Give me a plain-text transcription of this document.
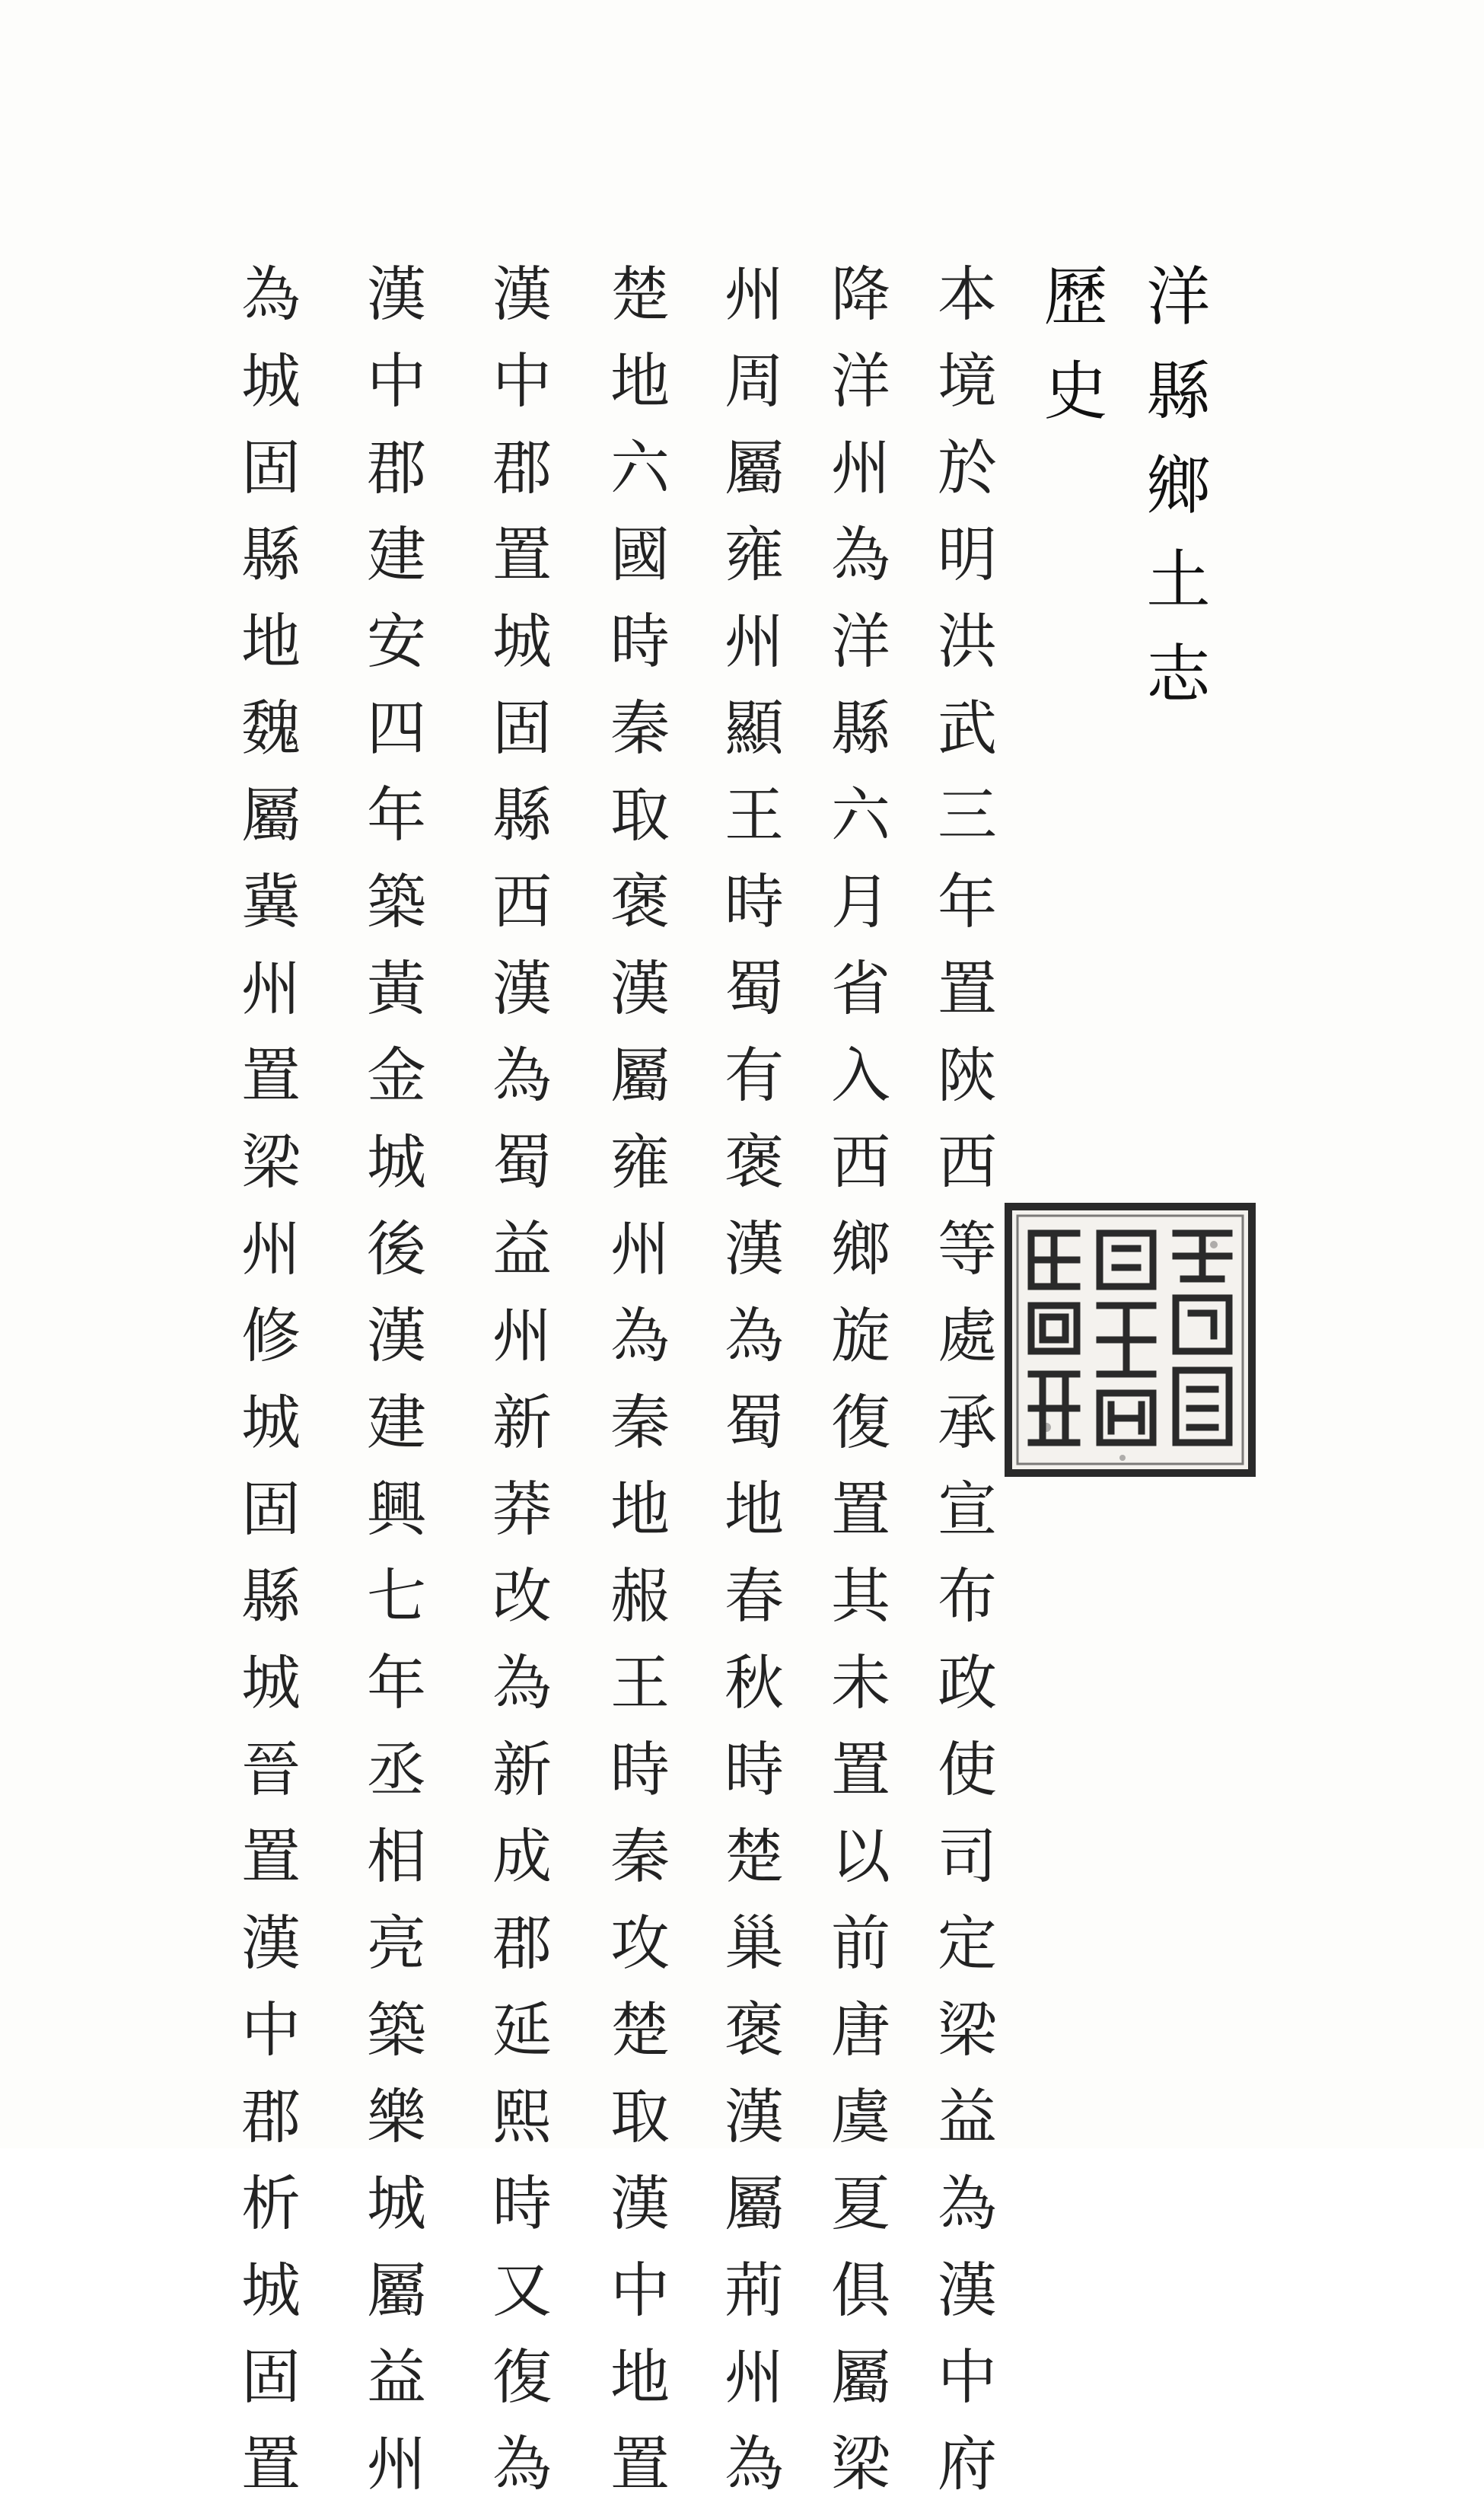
洋縣鄉土志
歷史
本境於明洪武三年置陝西等處承宣布政使司定梁益為漢中府
降洋州為洋縣六月省入西鄉旋復置其未置以前唐虞夏俱屬梁
州周屬雍州顯王時蜀有褒漢為蜀地春秋時楚巢褒漢屬荊州為
楚地六國時秦取褒漢屬雍州為秦地赧王時秦攻楚取漢中地置
漢中郡置城固縣西漢為蜀益州新莽改為新成郡延熙時又復為
漢中郡建安四年築黃金城後漢建興七年丞相亮築樂城屬益州
為城固縣地魏屬冀州置梁州修城固縣城晉置漢中郡析城固置
